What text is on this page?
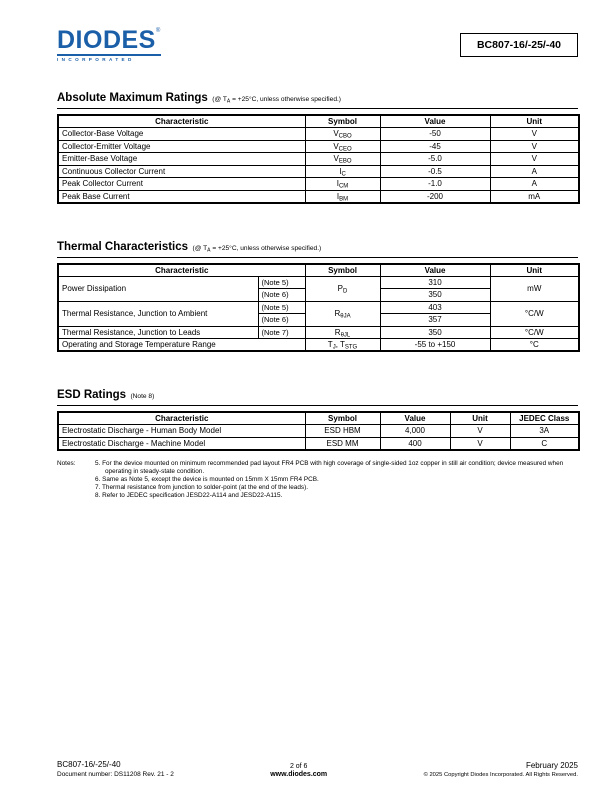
DIODES®
INCORPORATED
BC807-16/-25/-40
Absolute Maximum Ratings (@ $T_A = +25^\circ C$, unless otherwise specified.)
Characteristic	Symbol	Value	Unit
Collector-Base Voltage	$V_{CBO}$	-50	V
Collector-Emitter Voltage	$V_{CEO}$	-45	V
Emitter-Base Voltage	$V_{EBO}$	-5.0	V
Continuous Collector Current	$I_C$	-0.5	A
Peak Collector Current	$I_{CM}$	-1.0	A
Peak Base Current	$I_{BM}$	-200	mA
Thermal Characteristics (@ $T_A = +25^\circ C$, unless otherwise specified.)
Characteristic		Symbol	Value	Unit
Power Dissipation	(Note 5)	$P_D$	310	mW
	(Note 6)		350	
Thermal Resistance, Junction to Ambient	(Note 5)	$R_{\theta JA}$	403	°C/W
	(Note 6)		357	
Thermal Resistance, Junction to Leads	(Note 7)	$R_{\theta JL}$	350	°C/W
Operating and Storage Temperature Range		$T_J$, $T_{STG}$	-55 to +150	°C
ESD Ratings (Note 8)
Characteristic	Symbol	Value	Unit	JEDEC Class
Electrostatic Discharge - Human Body Model	ESD HBM	4,000	V	3A
Electrostatic Discharge - Machine Model	ESD MM	400	V	C
Notes:	5. For the device mounted on minimum recommended pad layout FR4 PCB with high coverage of single-sided 1oz copper in still air condition; device measured when operating in steady-state condition.
6. Same as Note 5, except the device is mounted on 15mm X 15mm FR4 PCB.
7. Thermal resistance from junction to solder-point (at the end of the leads).
8. Refer to JEDEC specification JESD22-A114 and JESD22-A115.
BC807-16/-25/-40
Document number: DS11208 Rev. 21 - 2
2 of 6
www.diodes.com
February 2025
© 2025 Copyright Diodes Incorporated. All Rights Reserved.
